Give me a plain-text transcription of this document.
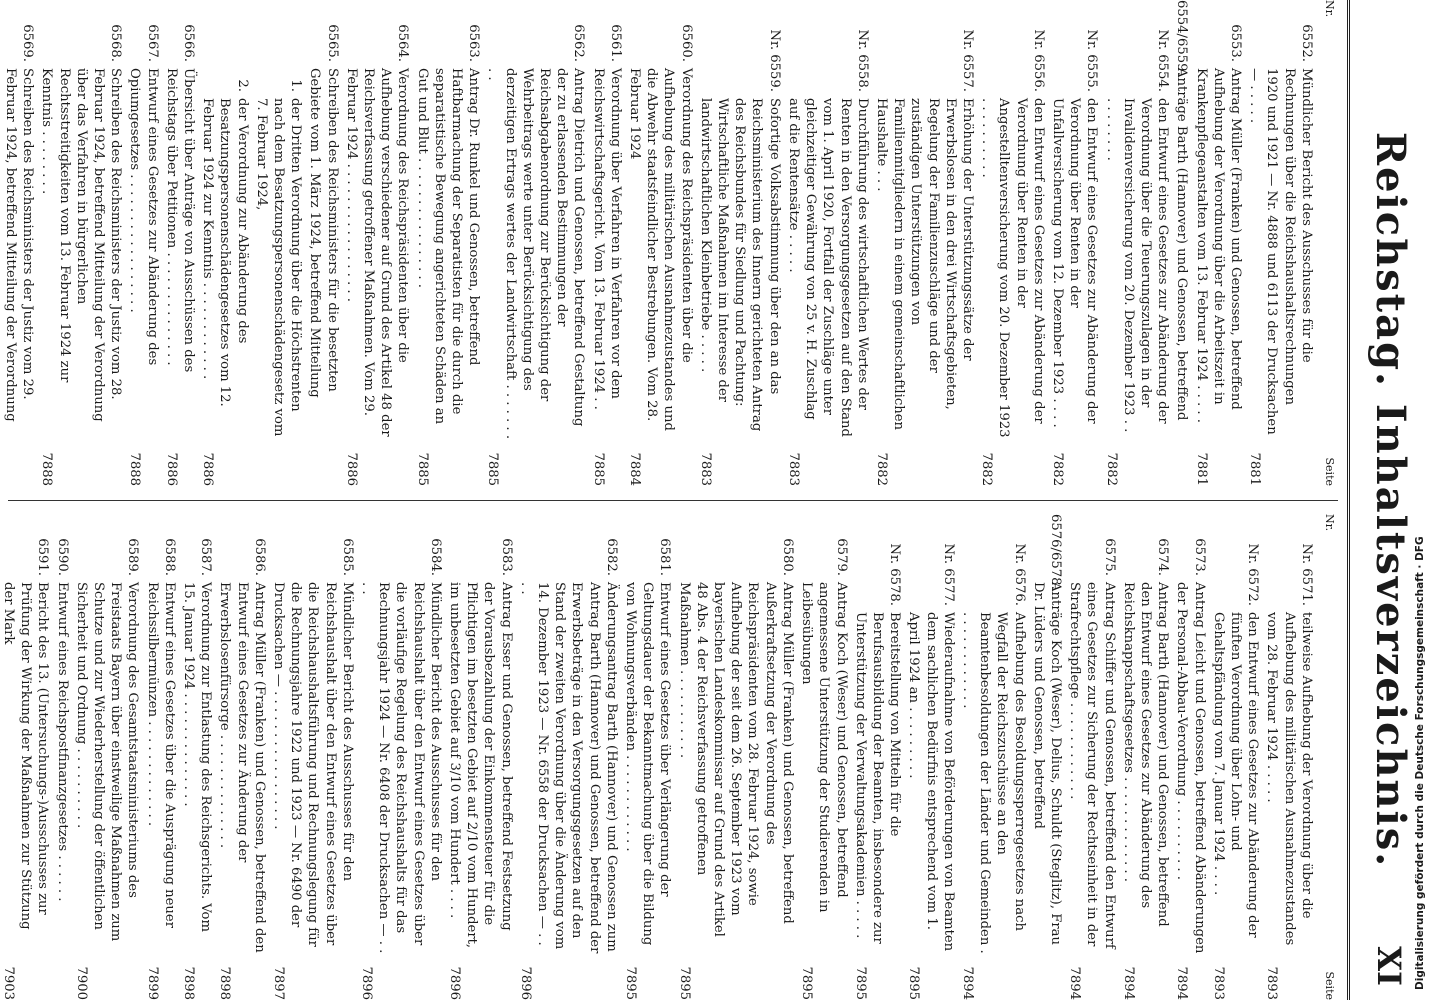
Reichstag. Inhaltsverzeichnis.
XI
Nr.
Seite
6552.
Mündlicher Bericht des Ausschusses für die Rechnungen über die Reichshaushaltsrechnungen 1920 und 1921 — Nr. 4888 und 6113 der Drucksachen — . . . . .
7881
6553.
Antrag Müller (Franken) und Genossen, betreffend Aufhebung der Verordnung über die Arbeitszeit in Krankenpflegeanstalten vom 13. Februar 1924 . . . . .
7881
6554/6559.
Anträge Barth (Hannover) und Genossen, betreffend
Nr. 6554.
den Entwurf eines Gesetzes zur Abänderung der Verordnung über die Teuerungszulagen in der Invalidenversicherung vom 20. Dezember 1923 . . . . . . . . . .
7882
Nr. 6555.
den Entwurf eines Gesetzes zur Abänderung der Verordnung über Renten in der Unfallversicherung vom 12. Dezember 1923 . . . .
7882
Nr. 6556.
den Entwurf eines Gesetzes zur Abänderung der Verordnung über Renten in der Angestelltenversicherung vom 20. Dezember 1923 . . . . . . . . . .
7882
Nr. 6557.
Erhöhung der Unterstützungssätze der Erwerbslosen in den drei Wirtschaftsgebieten, Regelung der Familienzuschläge und der zuständigen Unterstützungen von Familienmitgliedern in einem gemeinschaftlichen Haushalte . . .
7882
Nr. 6558.
Durchführung des wirtschaftlichen Wertes der Renten in den Versorgungsgesetzen auf den Stand vom 1. April 1920, Fortfall der Zuschläge unter gleichzeitiger Gewährung von 25 v. H. Zuschlag auf die Rentensätze . . . . .
7883
Nr. 6559.
Sofortige Volksabstimmung über den an das Reichsministerium des Innern gerichteten Antrag des Reichsbundes für Siedlung und Pachtung: Wirtschaftliche Maßnahmen im Interesse der landwirtschaftlichen Kleinbetriebe . . . . .
7883
6560.
Verordnung des Reichspräsidenten über die Aufhebung des militärischen Ausnahmezustandes und die Abwehr staatsfeindlicher Bestrebungen. Vom 28. Februar 1924
7884
6561.
Verordnung über Verfahren in Verfahren vor dem Reichswirtschaftsgericht. Vom 13. Februar 1924 . .
7885
6562.
Antrag Dietrich und Genossen, betreffend Gestaltung der zu erlassenden Bestimmungen der Reichsabgabenordnung zur Berücksichtigung der Wehrbeitrags werte unter Berücksichtigung des derzeitigen Ertrags wertes der Landwirtschaft . . . . . . . . .
7885
6563.
Antrag Dr. Runkel und Genossen, betreffend Haftbarmachung der Separatisten für die durch die separatistische Bewegung angerichteten Schäden an Gut und Blut . . . . . . . . . . . . . . . .
7885
6564.
Verordnung des Reichspräsidenten über die Aufhebung verschiedener auf Grund des Artikel 48 der Reichsverfassung getroffener Maßnahmen. Vom 29. Februar 1924 . . . . . . . . . . . . . . . . .
7886
6565.
Schreiben des Reichsministers für die besetzten Gebiete vom 1. März 1924, betreffend Mitteilung
1.
der Dritten Verordnung über die Höchstrenten nach dem Besatzungspersonenschädengesetz vom 7. Februar 1924,
2.
der Verordnung zur Abänderung des Besatzungspersonenschädengesetzes vom 12. Februar 1924 zur Kenntnis . . . . . . . . . . . .
7886
6566.
Übersicht über Anträge von Ausschüssen des Reichstags über Petitionen . . . . . . . . . . . . . .
7886
6567.
Entwurf eines Gesetzes zur Abänderung des Opiumgesetzes . . . . . . . . . . . . . . . . .
7888
6568.
Schreiben des Reichsministers der Justiz vom 28. Februar 1924, betreffend Mitteilung der Verordnung über das Verfahren in bürgerlichen Rechtsstreitigkeiten vom 13. Februar 1924 zur Kenntnis . . . . . . . .
7888
6569.
Schreiben des Reichsministers der Justiz vom 29. Februar 1924, betreffend Mitteilung der Verordnung
Nr.
Seite
Nr. 6571.
teilweise Aufhebung der Verordnung über die Aufhebung des militärischen Ausnahmezustandes vom 28. Februar 1924 . . . . .
7893
Nr. 6572.
den Entwurf eines Gesetzes zur Abänderung der fünften Verordnung über Lohn- und Gehaltspfändung vom 7. Januar 1924 . . . .
7893
6573.
Antrag Leicht und Genossen, betreffend Abänderungen der Personal-Abbau-Verordnung . . . . . . . . . .
7894
6574.
Antrag Barth (Hannover) und Genossen, betreffend den Entwurf eines Gesetzes zur Abänderung des Reichsknappschaftsgesetzes . . . . . . . . . . . . .
7894
6575.
Antrag Schiffer und Genossen, betreffend den Entwurf eines Gesetzes zur Sicherung der Rechtseinheit in der Strafrechtspflege . . . . . . . . . . . .
7894
6576/6578.
Anträge Koch (Weser), Delius, Schuldt (Steglitz), Frau Dr. Lüders und Genossen, betreffend
Nr. 6576.
Aufhebung des Besoldungssperregesetzes nach Wegfall der Reichszuschüsse an den Beamtenbesoldungen der Länder und Gemeinden . . . . . . . . . . . . .
7894
Nr. 6577.
Wiederaufnahme von Beförderungen von Beamten dem sachlichen Bedürfnis entsprechend vom 1. April 1924 an . . . . . . . . .
7895
Nr. 6578.
Bereitstellung von Mitteln für die Berufsausbildung der Beamten, insbesondere zur Unterstützung der Verwaltungsakademien . . . . .
7895
6579.
Antrag Koch (Weser) und Genossen, betreffend angemessene Unterstützung der Studierenden in Leibesübungen
7895
6580.
Antrag Müller (Franken) und Genossen, betreffend Außerkraftsetzung der Verordnung des Reichspräsidenten vom 28. Februar 1924, sowie Aufhebung der seit dem 26. September 1923 vom bayerischen Landeskommissar auf Grund des Artikel 48 Abs. 4 der Reichsverfassung getroffenen Maßnahmen . . . . . . . . . . .
7895
6581.
Entwurf eines Gesetzes über Verlängerung der Geltungsdauer der Bekanntmachung über die Bildung von Wohnungsverbänden . . . . . . . . . . . .
7895
6582.
Änderungsantrag Barth (Hannover) und Genossen zum Antrag Barth (Hannover) und Genossen, betreffend der Erwerbsbeträge in den Versorgungsgesetzen auf den Stand der zweiten Verordnung über die Änderung vom 14. Dezember 1923 — Nr. 6558 der Drucksachen — . . . .
7896
6583.
Antrag Esser und Genossen, betreffend Festsetzung der Vorausbezahlung der Einkommensteuer für die Pflichtigen im besetzten Gebiet auf 2/10 vom Hundert, im unbesetzten Gebiet auf 3/10 vom Hundert . . . .
7896
6584.
Mündlicher Bericht des Ausschusses für den Reichshaushalt über den Entwurf eines Gesetzes über die vorläufige Regelung des Reichshaushalts für das Rechnungsjahr 1924 — Nr. 6408 der Drucksachen — . . . .
7896
6585.
Mündlicher Bericht des Ausschusses für den Reichshaushalt über den Entwurf eines Gesetzes über die Reichshaushaltsführung und Rechnungslegung für die Rechnungsjahre 1922 und 1923 — Nr. 6490 der Drucksachen — . . . . . . . . . . . . . . . . .
7897
6586.
Antrag Müller (Franken) und Genossen, betreffend den Entwurf eines Gesetzes zur Änderung der Erwerbslosenfürsorge . . . . . . . . . . . . . .
7898
6587.
Verordnung zur Entlastung des Reichsgerichts. Vom 15. Januar 1924 . . . . . . . . . . . . . .
7898
6588.
Entwurf eines Gesetzes über die Ausprägung neuer Reichssilbermünzen . . . . . . . . . . . . .
7899
6589.
Verordnung des Gesamtstaatsministeriums des Freistaats Bayern über einstweilige Maßnahmen zum Schutze und zur Wiederherstellung der öffentlichen Sicherheit und Ordnung . . . . . . . . . .
7900
6590.
Entwurf eines Reichspostfinanzgesetzes . . . . . .
6591.
Bericht des 13. (Untersuchungs-)Ausschusses zur Prüfung der Wirkung der Maßnahmen zur Stützung der Mark
7903	Digitalisierung gefördert durch die Deutsche Forschungsgemeinschaft · DFG
